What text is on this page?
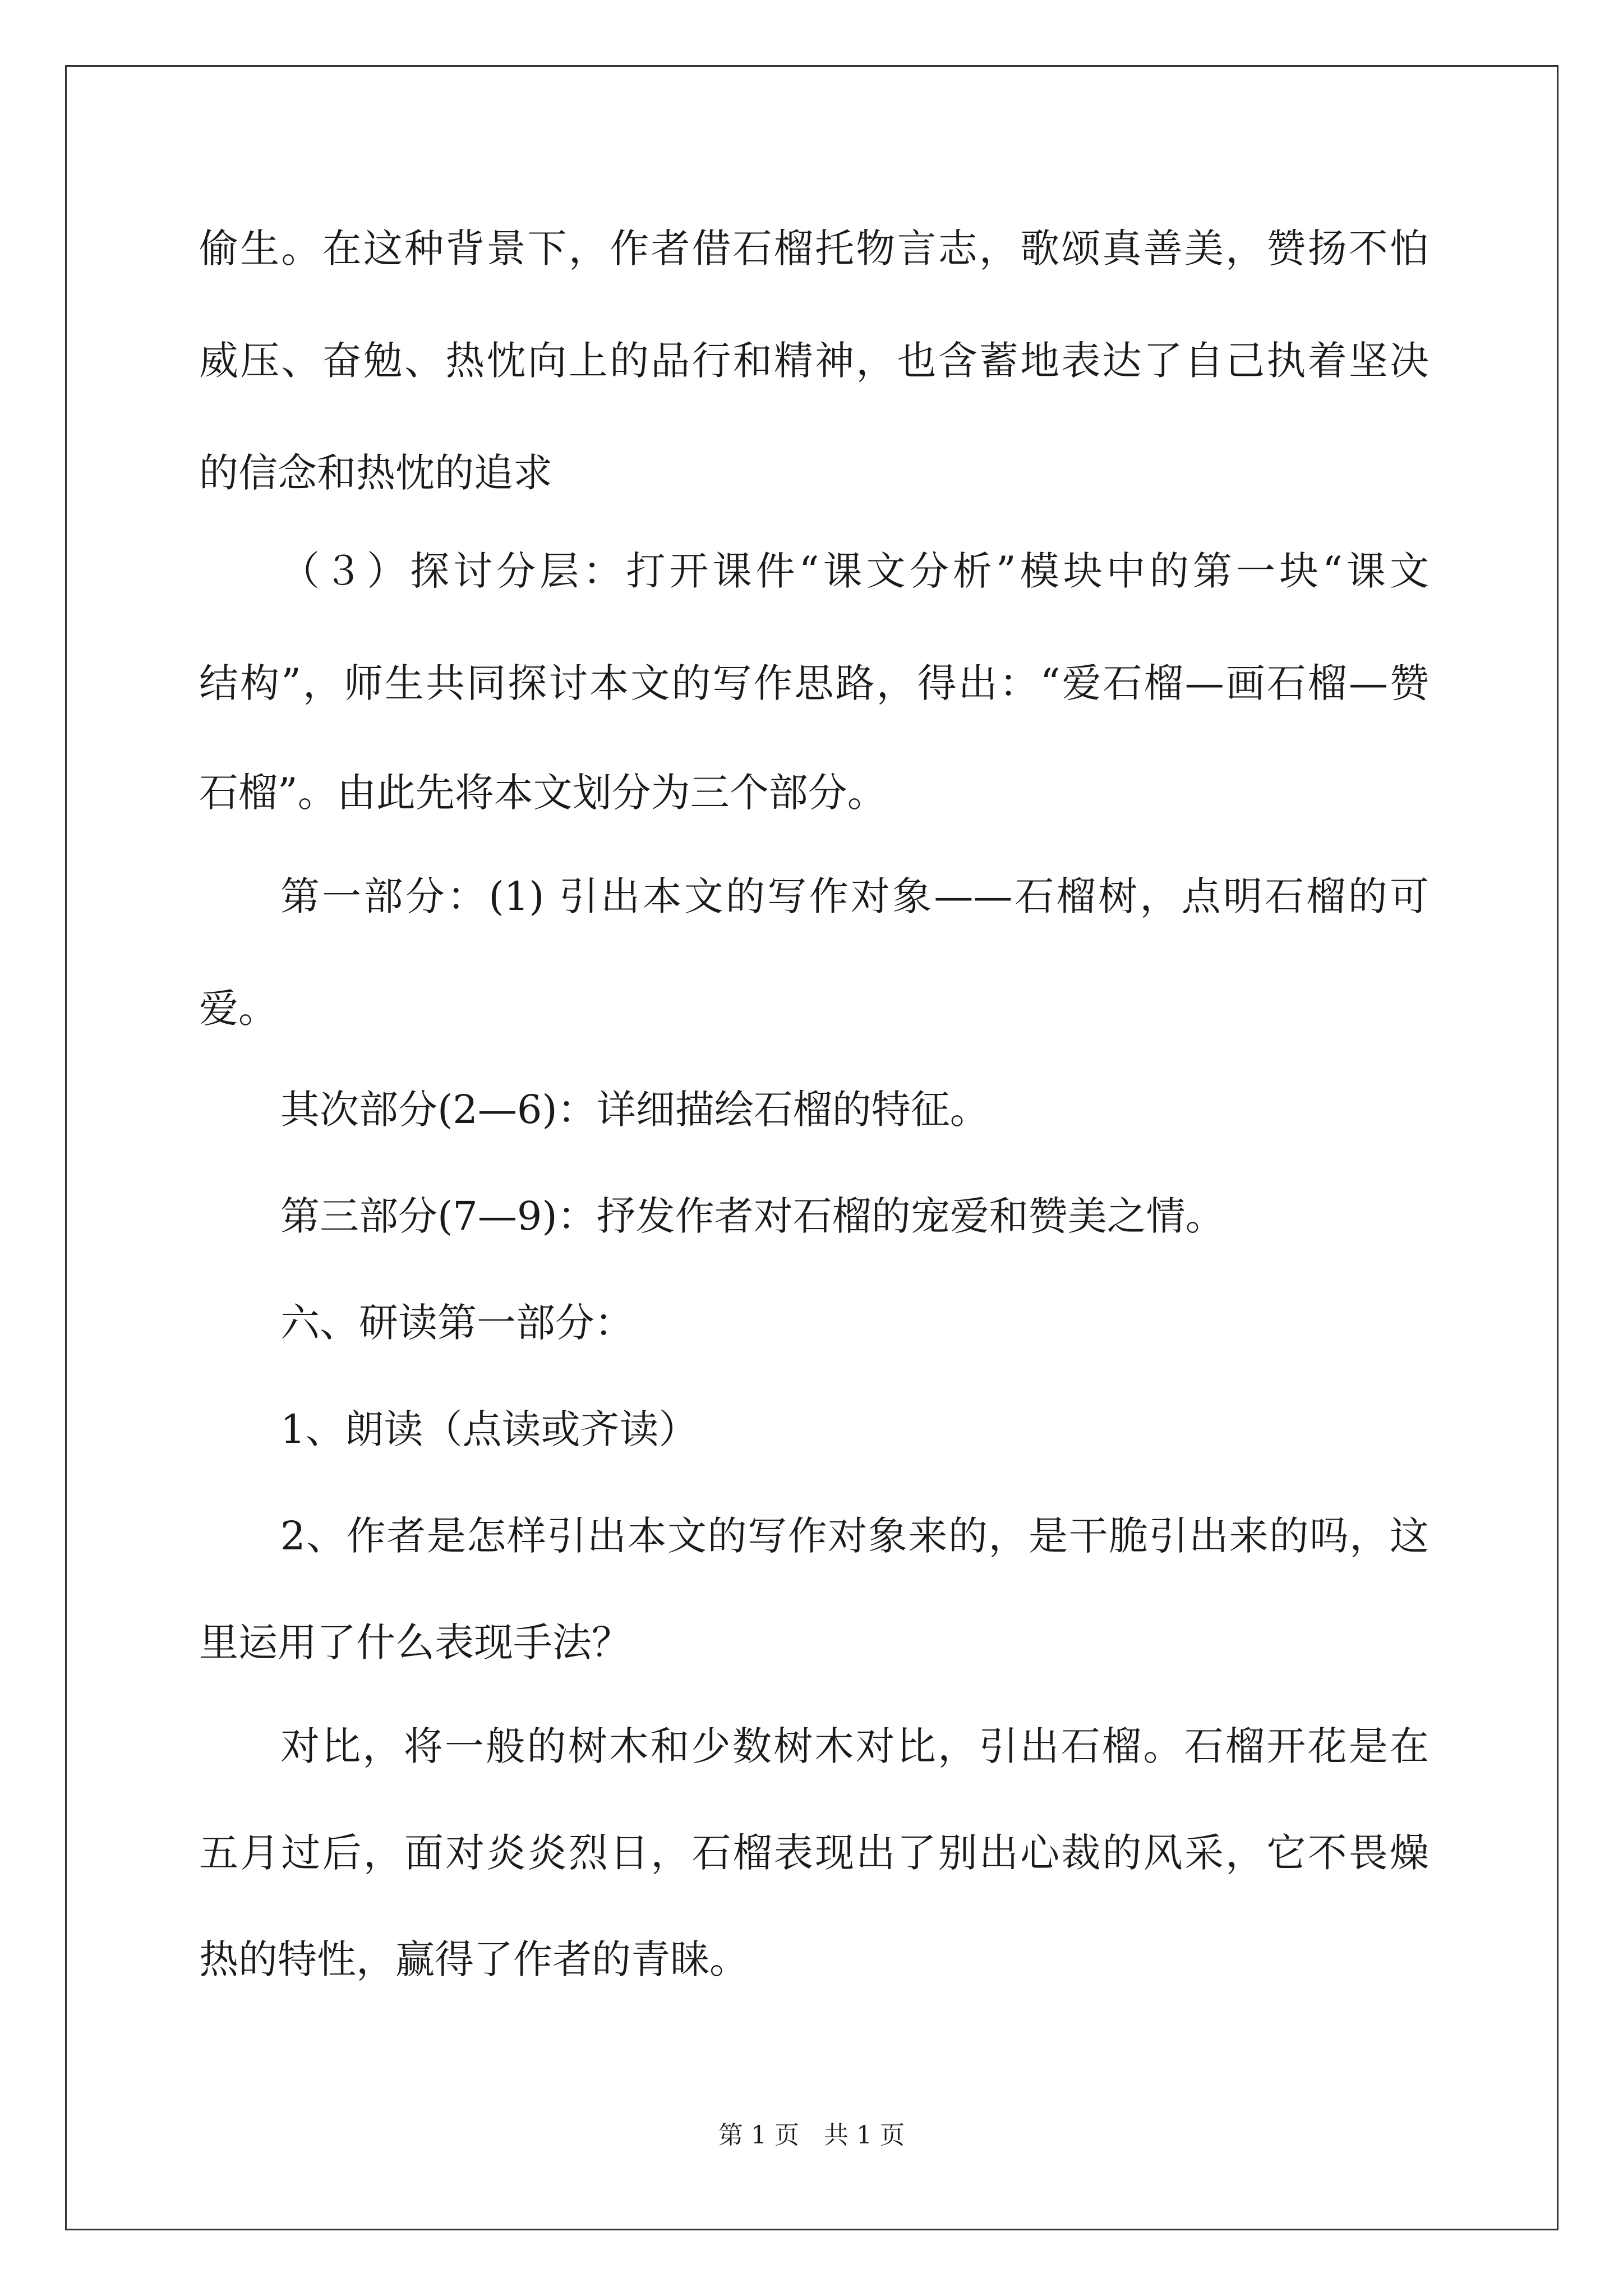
偷生。在这种背景下，作者借石榴托物言志，歌颂真善美，赞扬不怕
威压、奋勉、热忱向上的品行和精神，也含蓄地表达了自己执着坚决
的信念和热忱的追求
（３）探讨分层：打开课件“课文分析”模块中的第一块“课文
结构”，师生共同探讨本文的写作思路，得出：“爱石榴—画石榴—赞
石榴”。由此先将本文划分为三个部分。
第一部分：(1) 引出本文的写作对象——石榴树，点明石榴的可
爱。
其次部分(2—6)：详细描绘石榴的特征。
第三部分(7—9)：抒发作者对石榴的宠爱和赞美之情。
六、研读第一部分：
1、朗读（点读或齐读）
2、作者是怎样引出本文的写作对象来的，是干脆引出来的吗，这
里运用了什么表现手法？
对比，将一般的树木和少数树木对比，引出石榴。石榴开花是在
五月过后，面对炎炎烈日，石榴表现出了别出心裁的风采，它不畏燥
热的特性，赢得了作者的青睐。
第 1 页　共 1 页
